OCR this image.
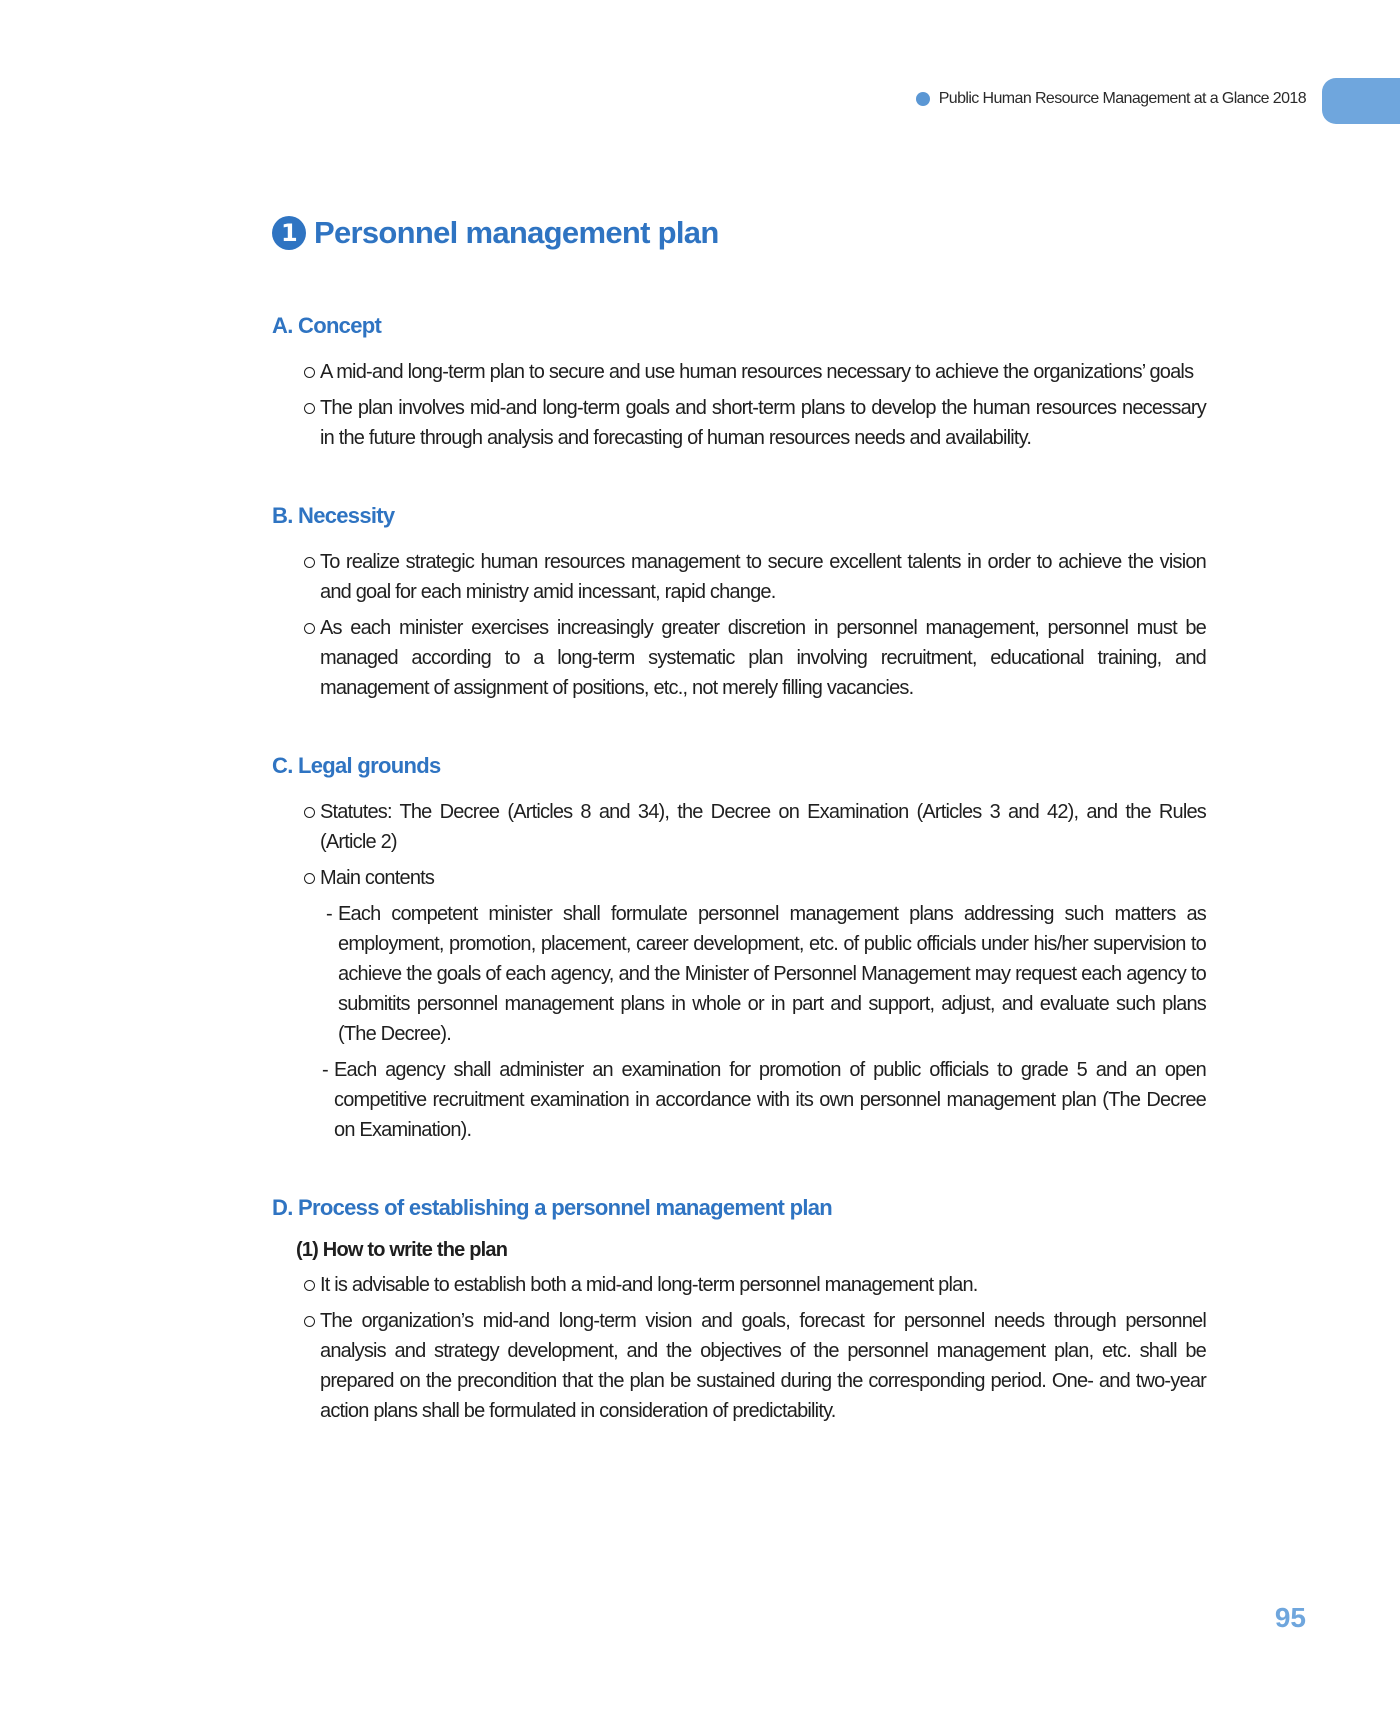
Public Human Resource Management at a Glance 2018
1 Personnel management plan
A. Concept

A mid-and long-term plan to secure and use human resources necessary to achieve the organizations’ goals

The plan involves mid-and long-term goals and short-term plans to develop the human resources necessary in the future through analysis and forecasting of human resources needs and availability.

B. Necessity

To realize strategic human resources management to secure excellent talents in order to achieve the vision and goal for each ministry amid incessant, rapid change.

As each minister exercises increasingly greater discretion in personnel management, personnel must be managed according to a long-term systematic plan involving recruitment, educational training, and management of assignment of positions, etc., not merely filling vacancies.

C. Legal grounds

Statutes: The Decree (Articles 8 and 34), the Decree on Examination (Articles 3 and 42), and the Rules (Article 2)

Main contents

- Each competent minister shall formulate personnel management plans addressing such matters as employment, promotion, placement, career development, etc. of public officials under his/her supervision to achieve the goals of each agency, and the Minister of Personnel Management may request each agency to submitits personnel management plans in whole or in part and support, adjust, and evaluate such plans (The Decree).

- Each agency shall administer an examination for promotion of public officials to grade 5 and an open competitive recruitment examination in accordance with its own personnel management plan (The Decree on Examination).

D. Process of establishing a personnel management plan
(1) How to write the plan

It is advisable to establish both a mid-and long-term personnel management plan.

The organization’s mid-and long-term vision and goals, forecast for personnel needs through personnel analysis and strategy development, and the objectives of the personnel management plan, etc. shall be prepared on the precondition that the plan be sustained during the corresponding period. One- and two-year action plans shall be formulated in consideration of predictability.

95
